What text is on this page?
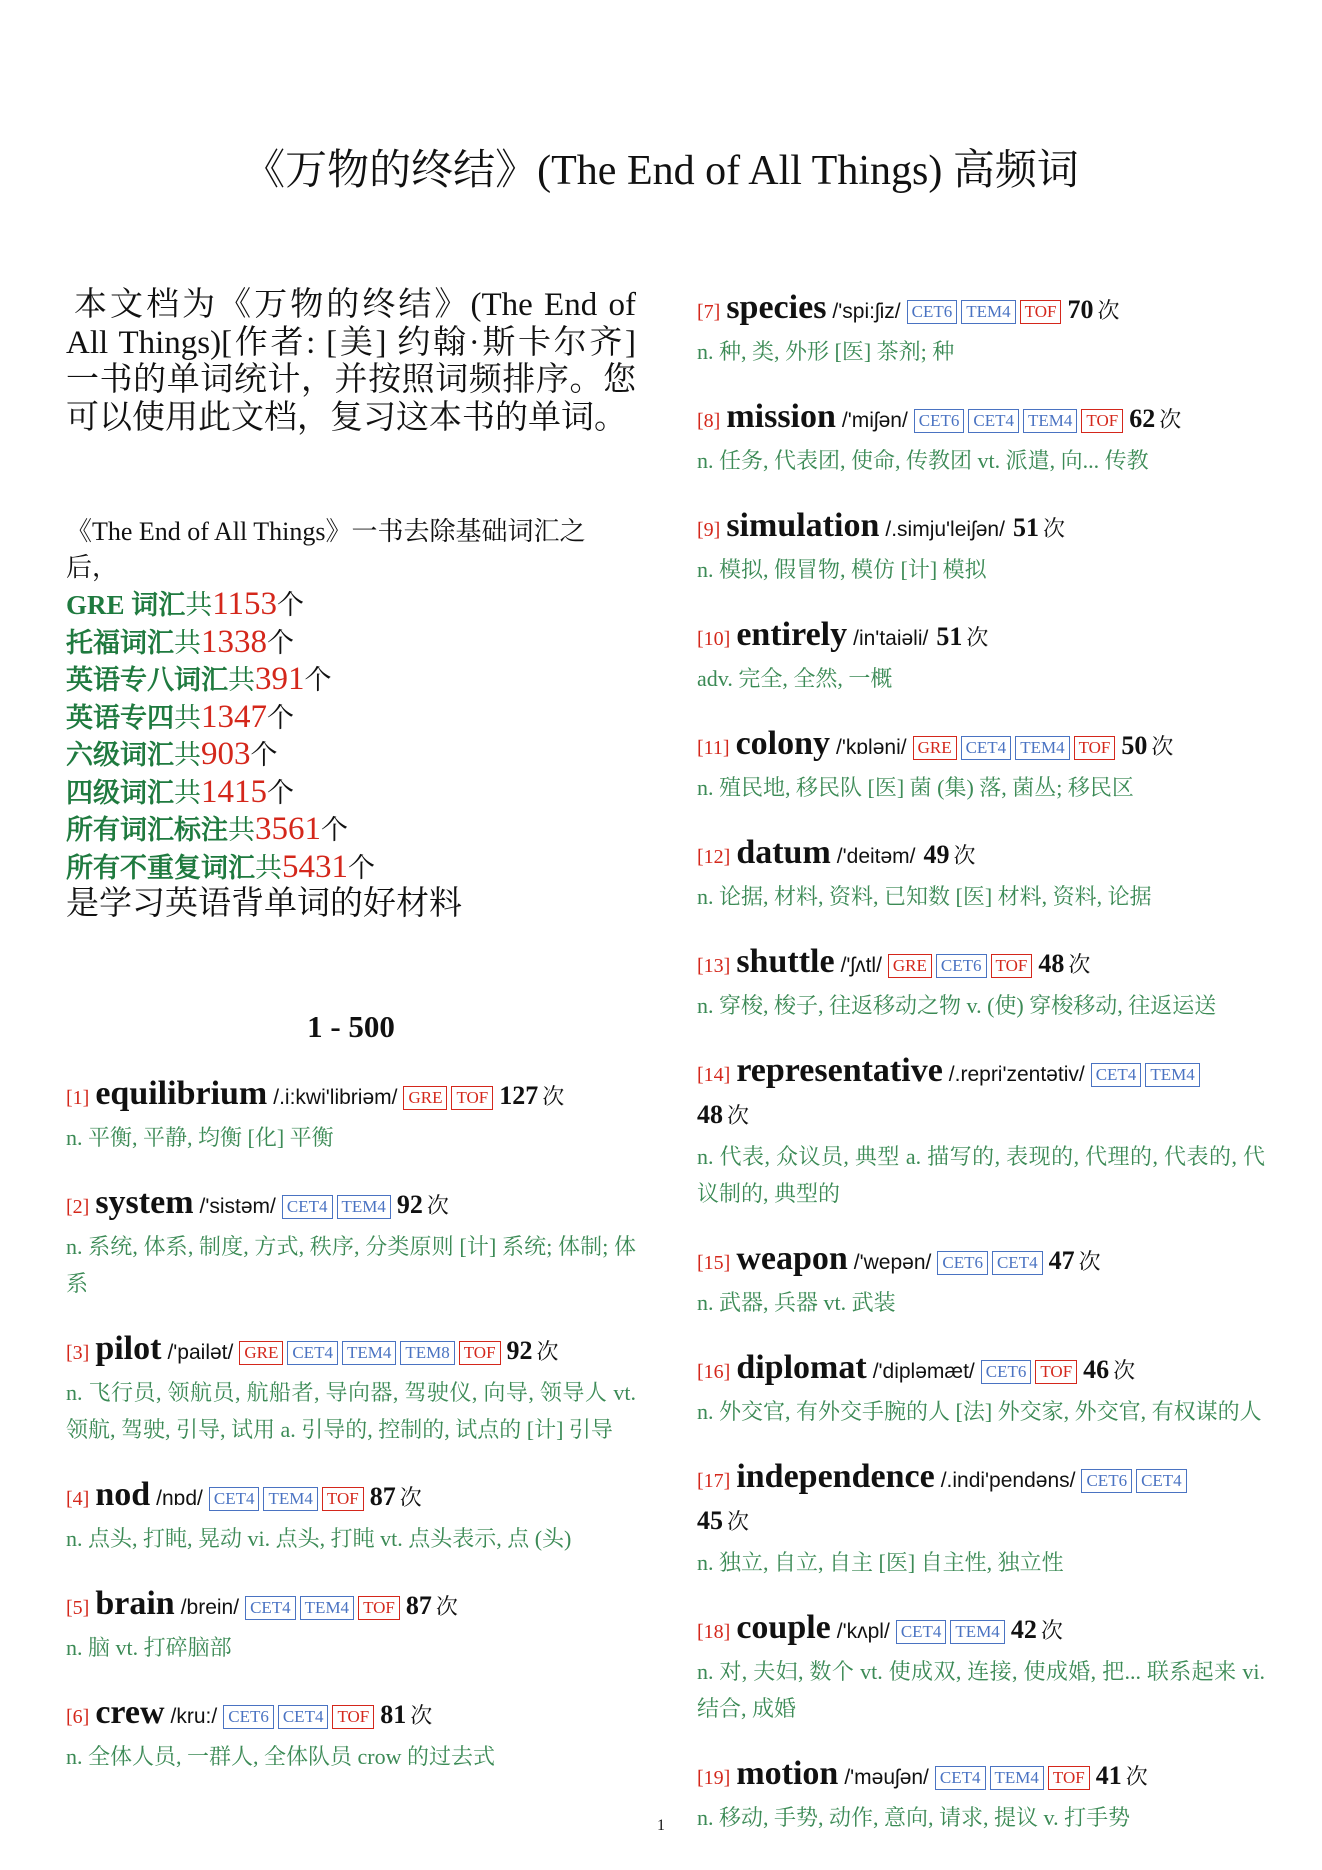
《万物的终结》(The End of All Things) 高频词
本文档为《万物的终结》(The End of All Things)[作者: [美] 约翰·斯卡尔齐] 一书的单词统计，并按照词频排序。您可以使用此文档，复习这本书的单词。
《The End of All Things》一书去除基础词汇之后，
GRE 词汇共1153个
托福词汇共1338个
英语专八词汇共391个
英语专四共1347个
六级词汇共903个
四级词汇共1415个
所有词汇标注共3561个
所有不重复词汇共5431个
是学习英语背单词的好材料
1 - 500
[1] equilibrium /.i:kwi'libriəm/ GRE TOF 127 次
n. 平衡, 平静, 均衡 [化] 平衡
[2] system /'sistəm/ CET4 TEM4 92 次
n. 系统, 体系, 制度, 方式, 秩序, 分类原则 [计] 系统; 体制; 体系
[3] pilot /'pailət/ GRE CET4 TEM4 TEM8 TOF 92 次
n. 飞行员, 领航员, 航船者, 导向器, 驾驶仪, 向导, 领导人 vt. 领航, 驾驶, 引导, 试用 a. 引导的, 控制的, 试点的 [计] 引导
[4] nod /nɒd/ CET4 TEM4 TOF 87 次
n. 点头, 打盹, 晃动 vi. 点头, 打盹 vt. 点头表示, 点 (头)
[5] brain /brein/ CET4 TEM4 TOF 87 次
n. 脑 vt. 打碎脑部
[6] crew /kru:/ CET6 CET4 TOF 81 次
n. 全体人员, 一群人, 全体队员 crow 的过去式
[7] species /'spi:ʃiz/ CET6 TEM4 TOF 70 次
n. 种, 类, 外形 [医] 茶剂; 种
[8] mission /'miʃən/ CET6 CET4 TEM4 TOF 62 次
n. 任务, 代表团, 使命, 传教团 vt. 派遣, 向... 传教
[9] simulation /.simju'leiʃən/ 51 次
n. 模拟, 假冒物, 模仿 [计] 模拟
[10] entirely /in'taiəli/ 51 次
adv. 完全, 全然, 一概
[11] colony /'kɒləni/ GRE CET4 TEM4 TOF 50 次
n. 殖民地, 移民队 [医] 菌 (集) 落, 菌丛; 移民区
[12] datum /'deitəm/ 49 次
n. 论据, 材料, 资料, 已知数 [医] 材料, 资料, 论据
[13] shuttle /'ʃʌtl/ GRE CET6 TOF 48 次
n. 穿梭, 梭子, 往返移动之物 v. (使) 穿梭移动, 往返运送
[14] representative /.repri'zentətiv/ CET4 TEM4
48 次
n. 代表, 众议员, 典型 a. 描写的, 表现的, 代理的, 代表的, 代议制的, 典型的
[15] weapon /'wepən/ CET6 CET4 47 次
n. 武器, 兵器 vt. 武装
[16] diplomat /'dipləmæt/ CET6 TOF 46 次
n. 外交官, 有外交手腕的人 [法] 外交家, 外交官, 有权谋的人
[17] independence /.indi'pendəns/ CET6 CET4
45 次
n. 独立, 自立, 自主 [医] 自主性, 独立性
[18] couple /'kʌpl/ CET4 TEM4 42 次
n. 对, 夫妇, 数个 vt. 使成双, 连接, 使成婚, 把... 联系起来 vi. 结合, 成婚
[19] motion /'məuʃən/ CET4 TEM4 TOF 41 次
n. 移动, 手势, 动作, 意向, 请求, 提议 v. 打手势
1
